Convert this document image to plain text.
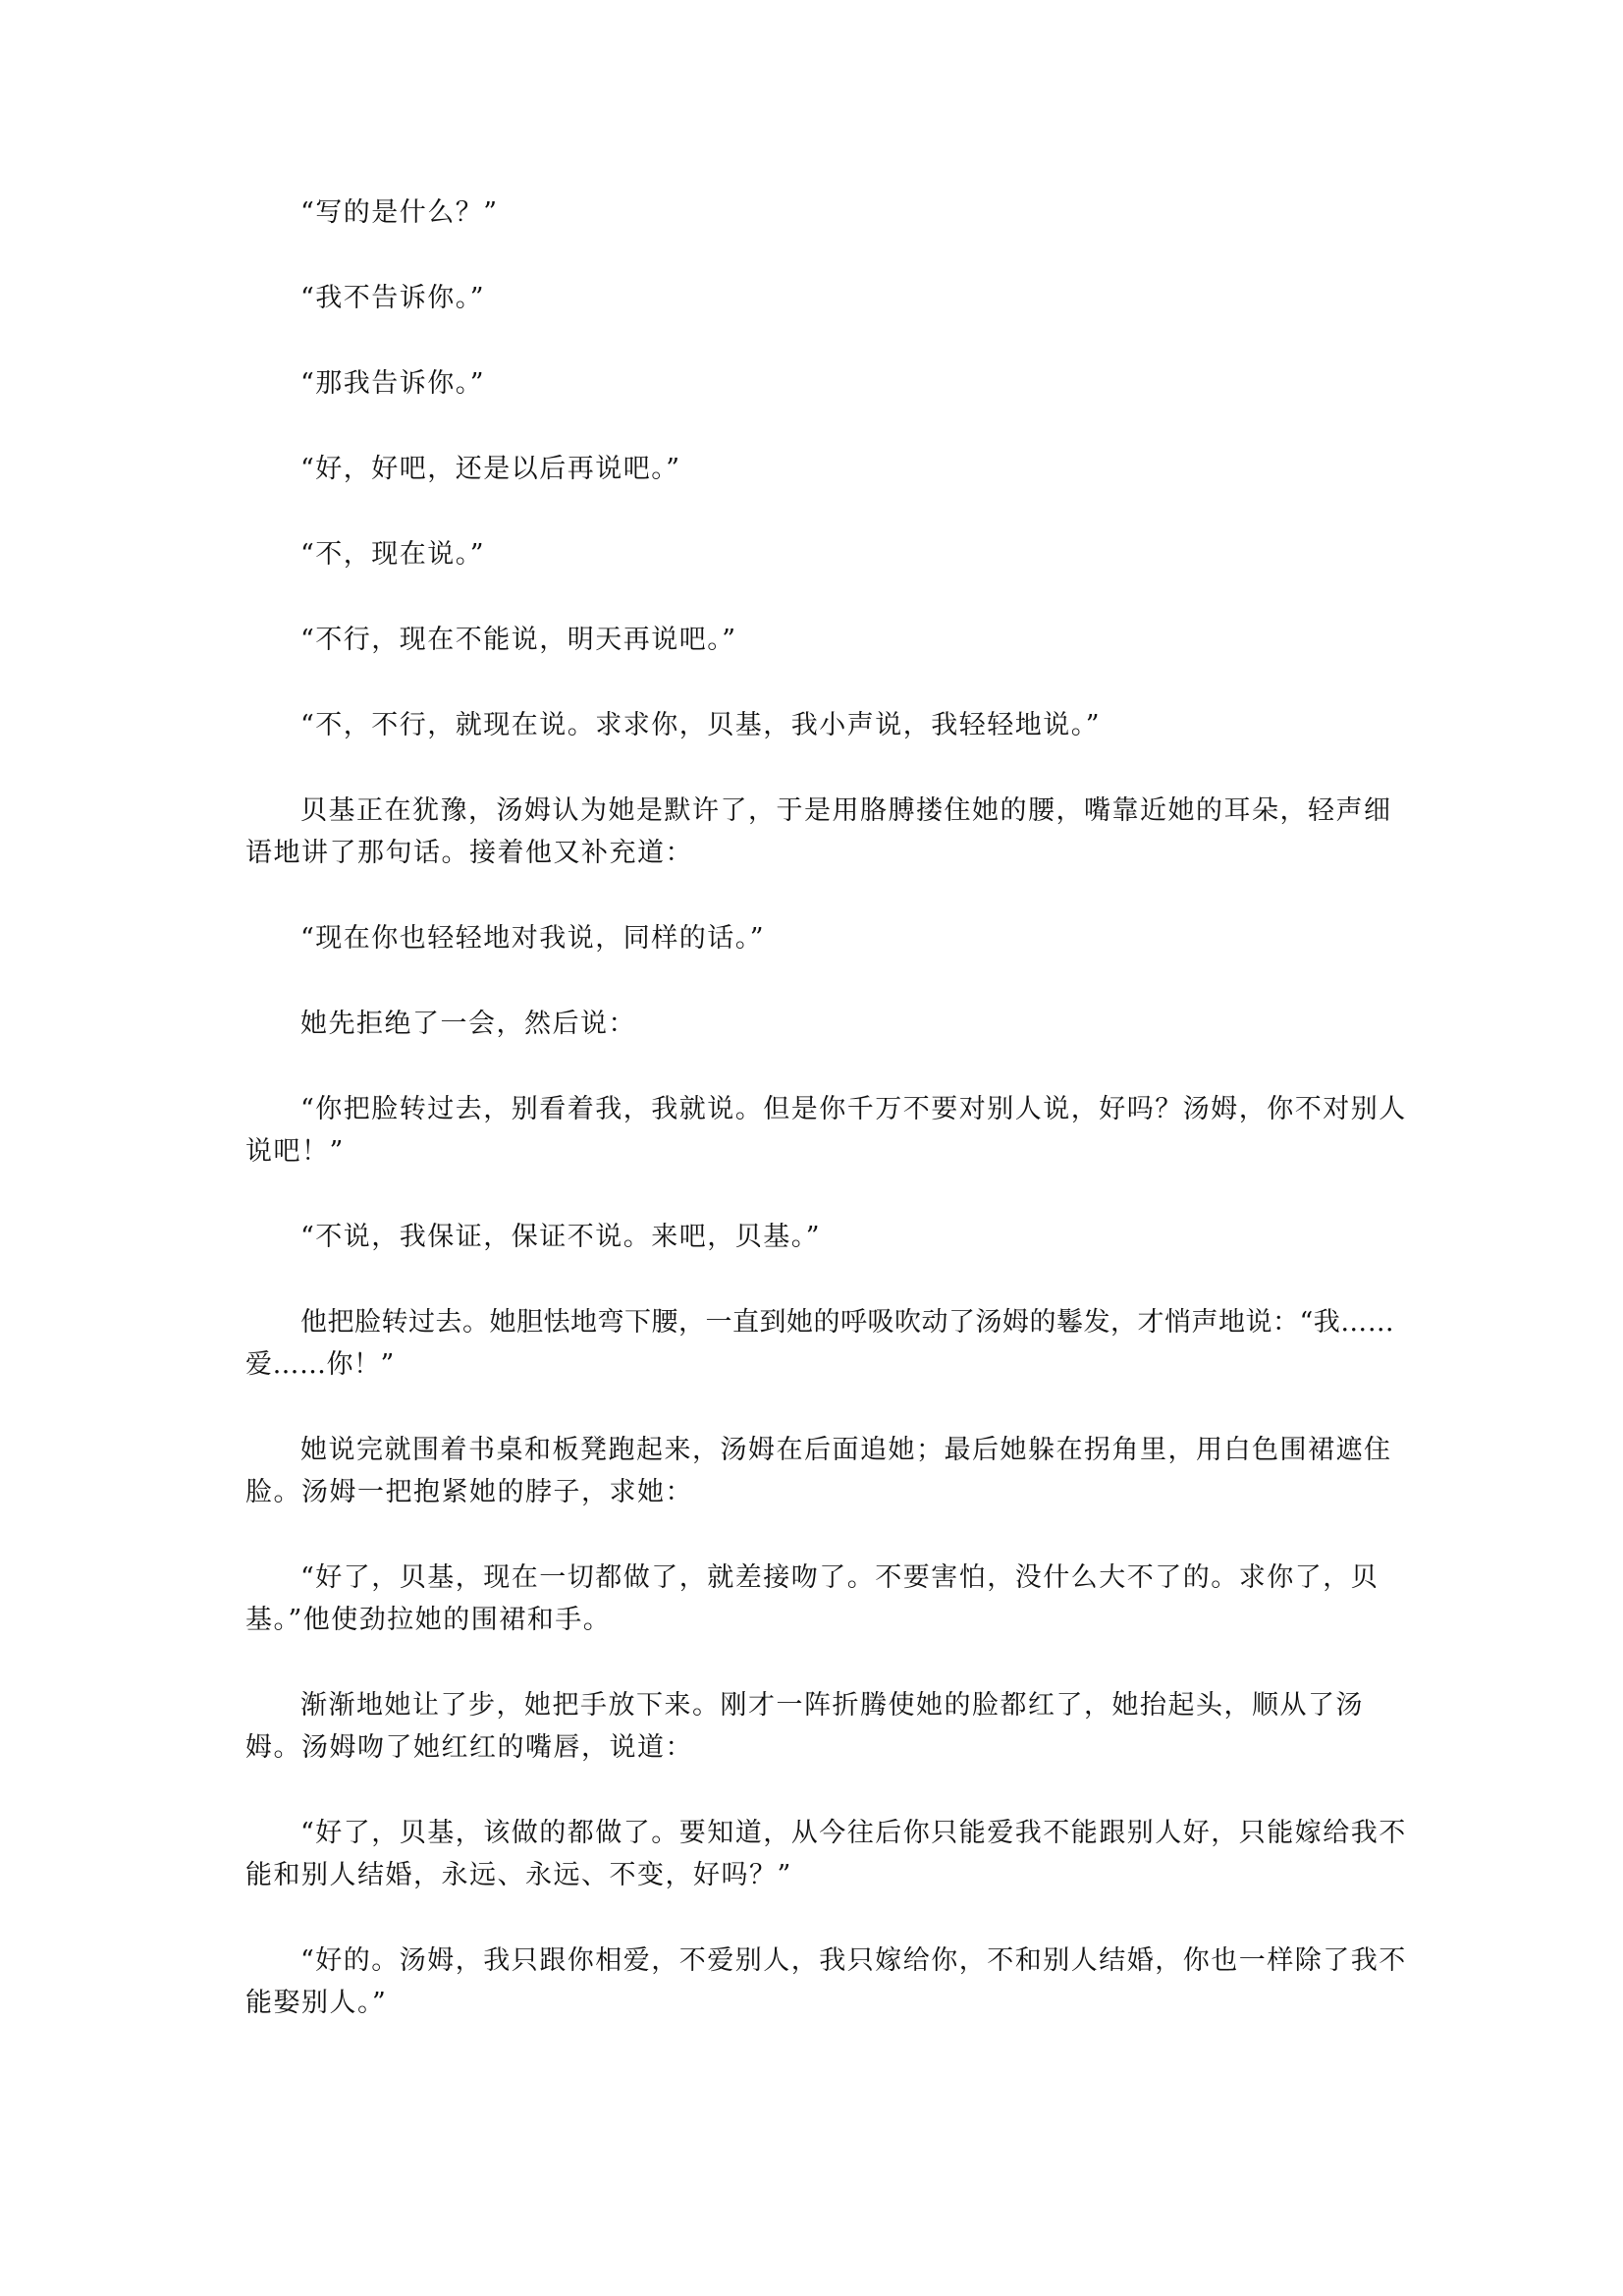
“写的是什么？”

“我不告诉你。”

“那我告诉你。”

“好，好吧，还是以后再说吧。”

“不，现在说。”

“不行，现在不能说，明天再说吧。”

“不，不行，就现在说。求求你，贝基，我小声说，我轻轻地说。”

贝基正在犹豫，汤姆认为她是默许了，于是用胳膊搂住她的腰，嘴靠近她的耳朵，轻声细语地讲了那句话。接着他又补充道：

“现在你也轻轻地对我说，同样的话。”

她先拒绝了一会，然后说：

“你把脸转过去，别看着我，我就说。但是你千万不要对别人说，好吗？汤姆，你不对别人说吧！”

“不说，我保证，保证不说。来吧，贝基。”

他把脸转过去。她胆怯地弯下腰，一直到她的呼吸吹动了汤姆的鬈发，才悄声地说：“我……爱……你！”

她说完就围着书桌和板凳跑起来，汤姆在后面追她；最后她躲在拐角里，用白色围裙遮住脸。汤姆一把抱紧她的脖子，求她：

“好了，贝基，现在一切都做了，就差接吻了。不要害怕，没什么大不了的。求你了，贝基。”他使劲拉她的围裙和手。

渐渐地她让了步，她把手放下来。刚才一阵折腾使她的脸都红了，她抬起头，顺从了汤姆。汤姆吻了她红红的嘴唇，说道：

“好了，贝基，该做的都做了。要知道，从今往后你只能爱我不能跟别人好，只能嫁给我不能和别人结婚，永远、永远、不变，好吗？”

“好的。汤姆，我只跟你相爱，不爱别人，我只嫁给你，不和别人结婚，你也一样除了我不能娶别人。”
